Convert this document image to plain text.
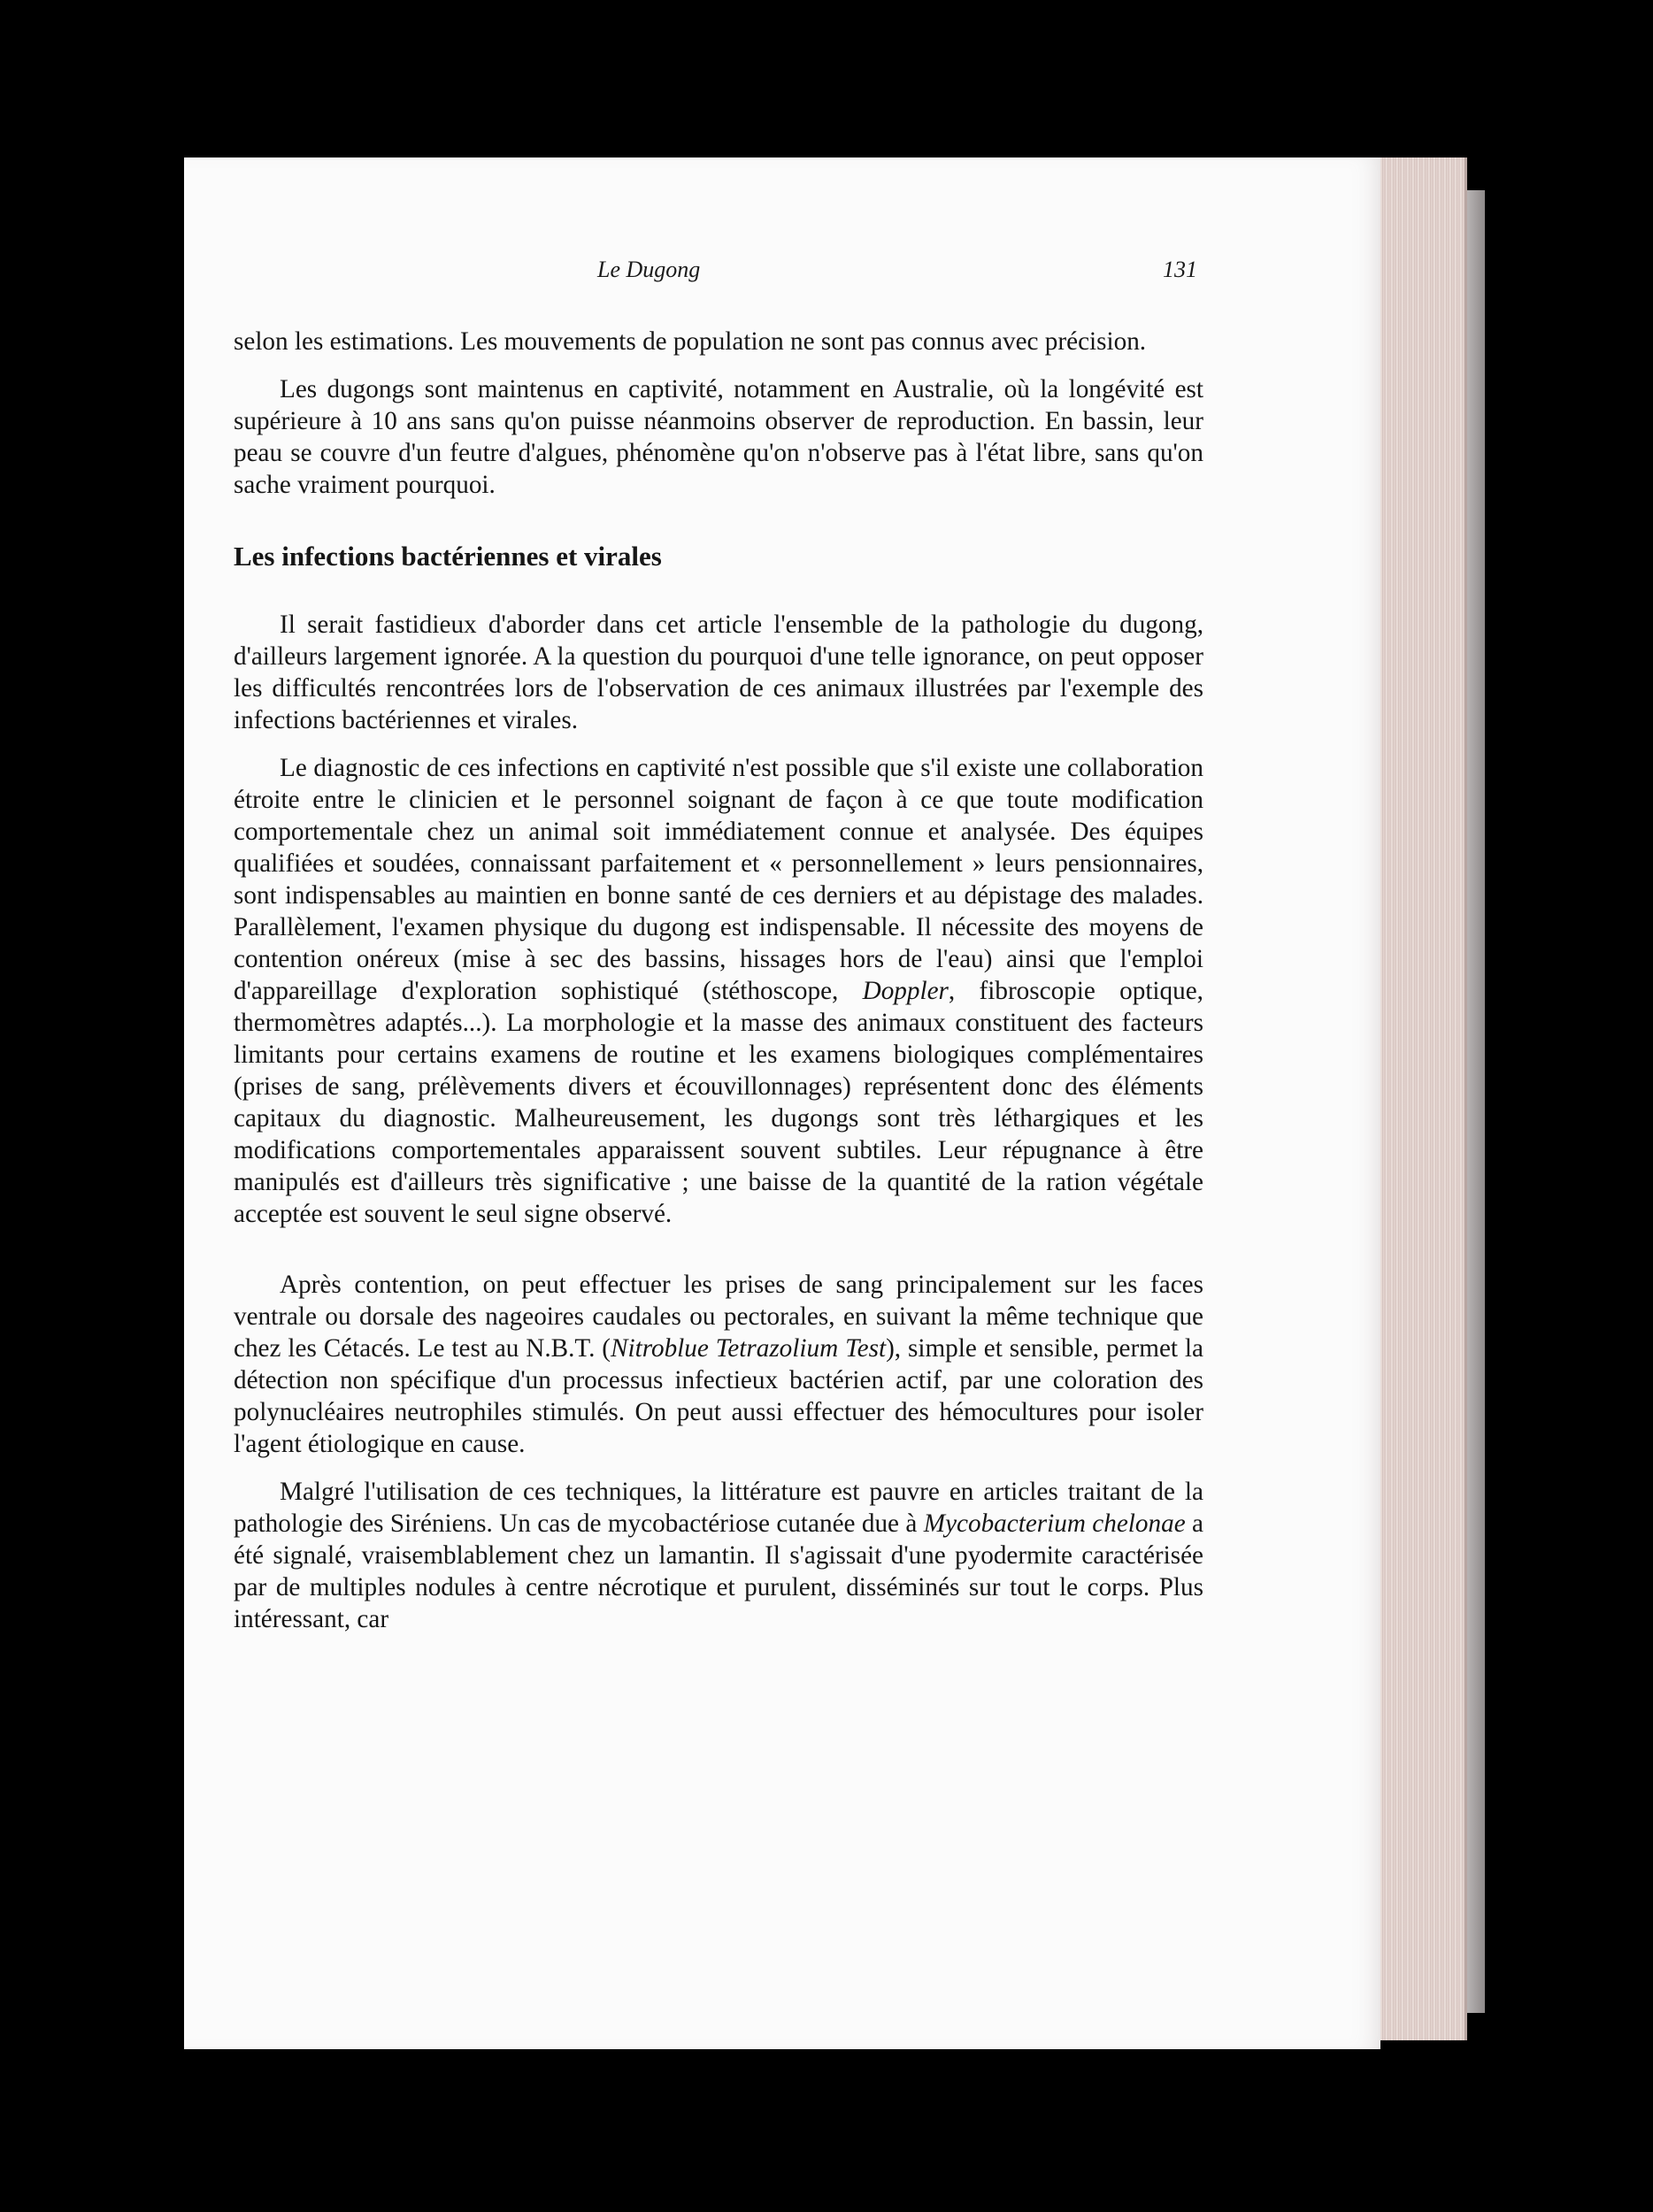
Le Dugong	131

selon les estimations. Les mouvements de population ne sont pas connus avec précision.

Les dugongs sont maintenus en captivité, notamment en Australie, où la longévité est supérieure à 10 ans sans qu'on puisse néanmoins observer de reproduction. En bassin, leur peau se couvre d'un feutre d'algues, phénomène qu'on n'observe pas à l'état libre, sans qu'on sache vraiment pourquoi.

Les infections bactériennes et virales

Il serait fastidieux d'aborder dans cet article l'ensemble de la pathologie du dugong, d'ailleurs largement ignorée. A la question du pourquoi d'une telle ignorance, on peut opposer les difficultés rencontrées lors de l'observation de ces animaux illustrées par l'exemple des infections bactériennes et virales.

Le diagnostic de ces infections en captivité n'est possible que s'il existe une collaboration étroite entre le clinicien et le personnel soignant de façon à ce que toute modification comportementale chez un animal soit immédiatement connue et analysée. Des équipes qualifiées et soudées, connaissant parfaitement et « personnellement » leurs pensionnaires, sont indispensables au maintien en bonne santé de ces derniers et au dépistage des malades. Parallèlement, l'examen physique du dugong est indispensable. Il nécessite des moyens de contention onéreux (mise à sec des bassins, hissages hors de l'eau) ainsi que l'emploi d'appareillage d'exploration sophistiqué (stéthoscope, Doppler, fibroscopie optique, thermomètres adaptés...). La morphologie et la masse des animaux constituent des facteurs limitants pour certains examens de routine et les examens biologiques complémentaires (prises de sang, prélèvements divers et écouvillonnages) représentent donc des éléments capitaux du diagnostic. Malheureusement, les dugongs sont très léthargiques et les modifications comportementales apparaissent souvent subtiles. Leur répugnance à être manipulés est d'ailleurs très significative ; une baisse de la quantité de la ration végétale acceptée est souvent le seul signe observé.

Après contention, on peut effectuer les prises de sang principalement sur les faces ventrale ou dorsale des nageoires caudales ou pectorales, en suivant la même technique que chez les Cétacés. Le test au N.B.T. (Nitroblue Tetrazolium Test), simple et sensible, permet la détection non spécifique d'un processus infectieux bactérien actif, par une coloration des polynucléaires neutrophiles stimulés. On peut aussi effectuer des hémocultures pour isoler l'agent étiologique en cause.

Malgré l'utilisation de ces techniques, la littérature est pauvre en articles traitant de la pathologie des Siréniens. Un cas de mycobactériose cutanée due à Mycobacterium chelonae a été signalé, vraisemblablement chez un lamantin. Il s'agissait d'une pyodermite caractérisée par de multiples nodules à centre nécrotique et purulent, disséminés sur tout le corps. Plus intéressant, car
